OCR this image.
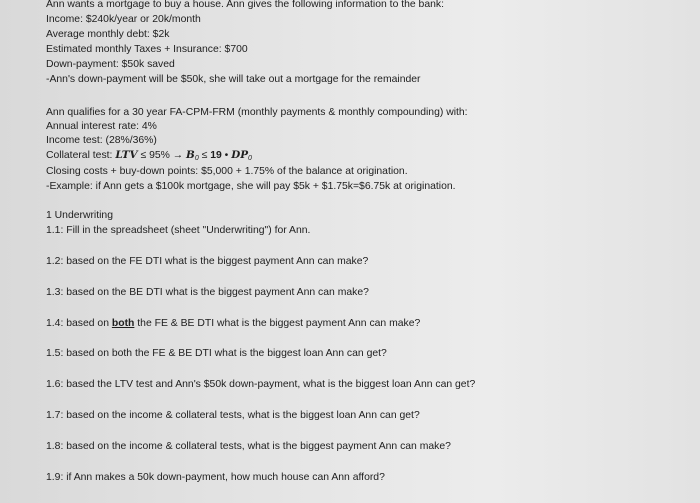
Ann wants a mortgage to buy a house. Ann gives the following information to the bank:

Income: $240k/year or 20k/month

Average monthly debt: $2k

Estimated monthly Taxes + Insurance: $700

Down-payment: $50k saved

-Ann's down-payment will be $50k, she will take out a mortgage for the remainder

Ann qualifies for a 30 year FA-CPM-FRM (monthly payments & monthly compounding) with:

Annual interest rate: 4%

Income test: (28%/36%)

Collateral test: LTV ≤ $95\% \to B_0 \le 19$ • $DP_0$

Closing costs + buy-down points: $5,000 + 1.75% of the balance at origination.

-Example: if Ann gets a $100k mortgage, she will pay $5k + $1.75k=$6.75k at origination.

1 Underwriting

1.1: Fill in the spreadsheet (sheet "Underwriting") for Ann.

1.2: based on the FE DTI what is the biggest payment Ann can make?

1.3: based on the BE DTI what is the biggest payment Ann can make?

1.4: based on both the FE & BE DTI what is the biggest payment Ann can make?

1.5: based on both the FE & BE DTI what is the biggest loan Ann can get?

1.6: based the LTV test and Ann's $50k down-payment, what is the biggest loan Ann can get?

1.7: based on the income & collateral tests, what is the biggest loan Ann can get?

1.8: based on the income & collateral tests, what is the biggest payment Ann can make?

1.9: if Ann makes a 50k down-payment, how much house can Ann afford?
